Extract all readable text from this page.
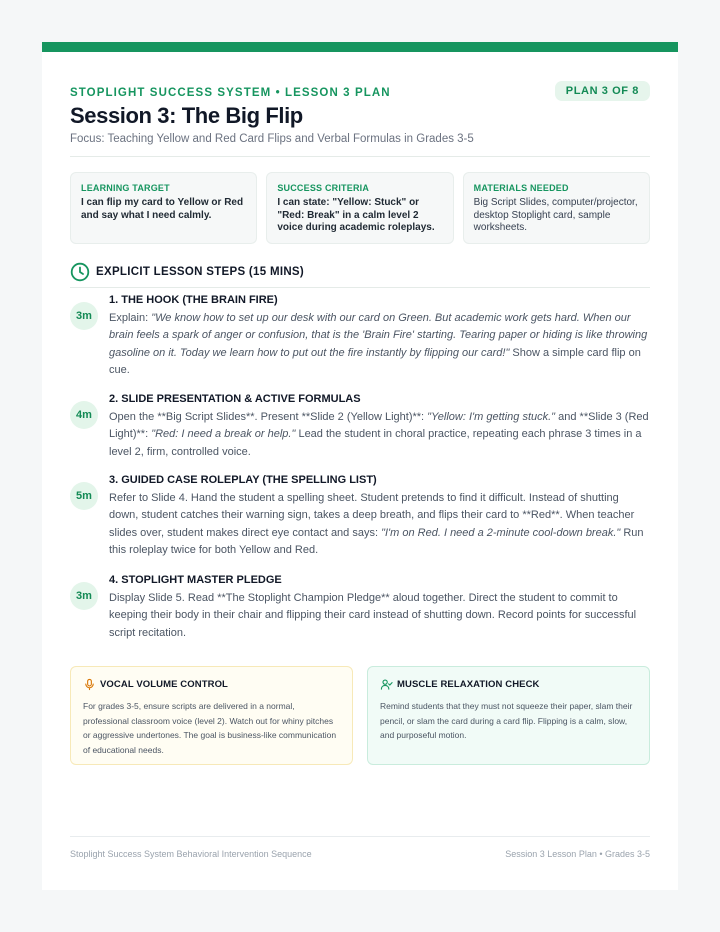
STOPLIGHT SUCCESS SYSTEM • LESSON 3 PLAN	PLAN 3 OF 8
Session 3: The Big Flip
Focus: Teaching Yellow and Red Card Flips and Verbal Formulas in Grades 3-5
LEARNING TARGET
I can flip my card to Yellow or Red and say what I need calmly.
SUCCESS CRITERIA
I can state: "Yellow: Stuck" or "Red: Break" in a calm level 2 voice during academic roleplays.
MATERIALS NEEDED
Big Script Slides, computer/projector, desktop Stoplight card, sample worksheets.
EXPLICIT LESSON STEPS (15 MINS)
3m
1. THE HOOK (THE BRAIN FIRE)
Explain: "We know how to set up our desk with our card on Green. But academic work gets hard. When our brain feels a spark of anger or confusion, that is the 'Brain Fire' starting. Tearing paper or hiding is like throwing gasoline on it. Today we learn how to put out the fire instantly by flipping our card!" Show a simple card flip on cue.
4m
2. SLIDE PRESENTATION & ACTIVE FORMULAS
Open the **Big Script Slides**. Present **Slide 2 (Yellow Light)**: "Yellow: I'm getting stuck." and **Slide 3 (Red Light)**: "Red: I need a break or help." Lead the student in choral practice, repeating each phrase 3 times in a level 2, firm, controlled voice.
5m
3. GUIDED CASE ROLEPLAY (THE SPELLING LIST)
Refer to Slide 4. Hand the student a spelling sheet. Student pretends to find it difficult. Instead of shutting down, student catches their warning sign, takes a deep breath, and flips their card to **Red**. When teacher slides over, student makes direct eye contact and says: "I'm on Red. I need a 2-minute cool-down break." Run this roleplay twice for both Yellow and Red.
3m
4. STOPLIGHT MASTER PLEDGE
Display Slide 5. Read **The Stoplight Champion Pledge** aloud together. Direct the student to commit to keeping their body in their chair and flipping their card instead of shutting down. Record points for successful script recitation.
VOCAL VOLUME CONTROL
For grades 3-5, ensure scripts are delivered in a normal, professional classroom voice (level 2). Watch out for whiny pitches or aggressive undertones. The goal is business-like communication of educational needs.
MUSCLE RELAXATION CHECK
Remind students that they must not squeeze their paper, slam their pencil, or slam the card during a card flip. Flipping is a calm, slow, and purposeful motion.
Stoplight Success System Behavioral Intervention Sequence	Session 3 Lesson Plan • Grades 3-5
